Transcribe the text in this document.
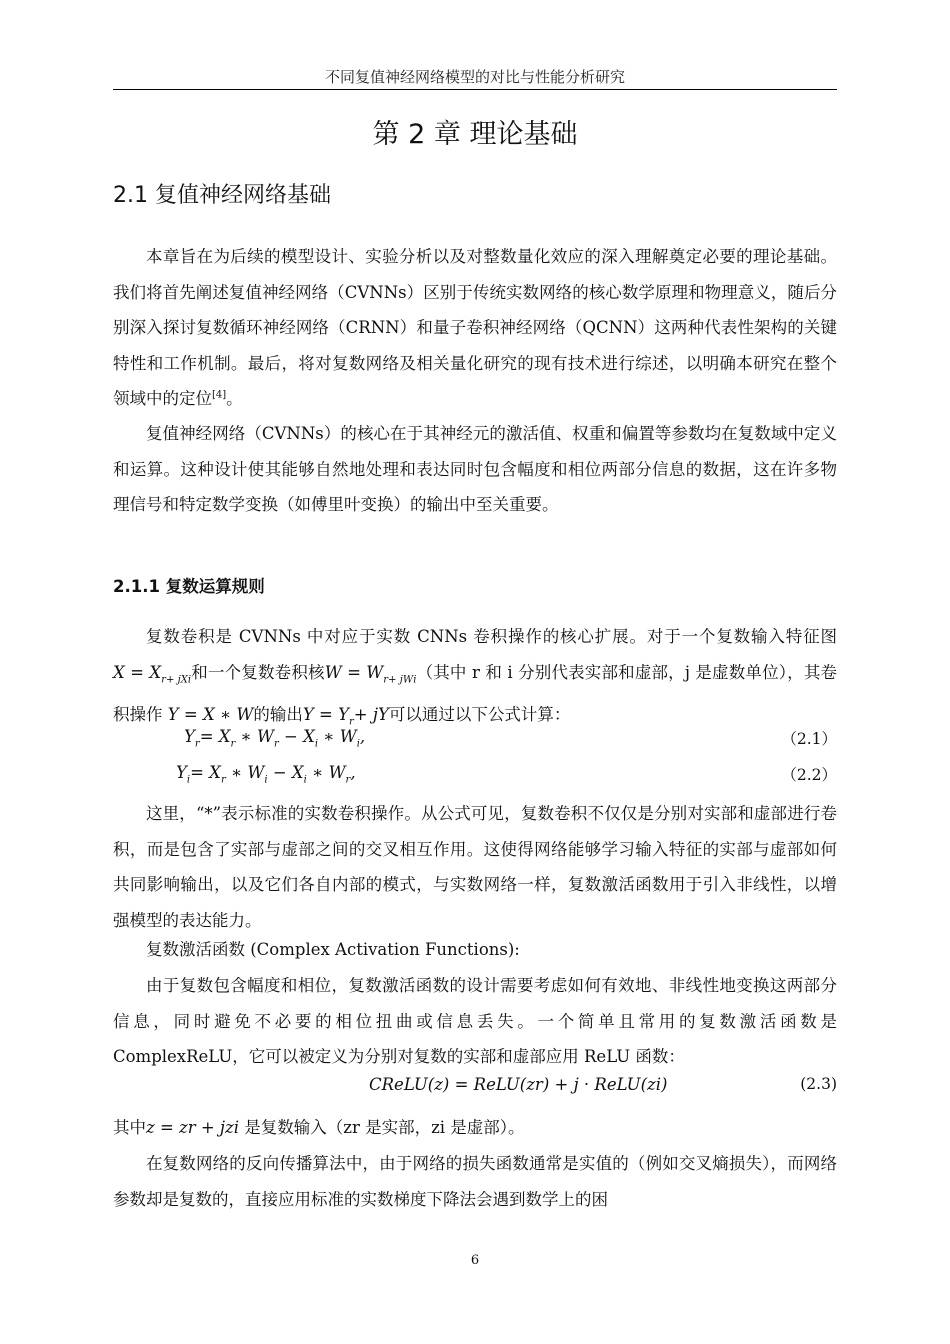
不同复值神经网络模型的对比与性能分析研究
第 2 章 理论基础
2.1 复值神经网络基础

本章旨在为后续的模型设计、实验分析以及对整数量化效应的深入理解奠定必要的理论基础。我们将首先阐述复值神经网络（CVNNs）区别于传统实数网络的核心数学原理和物理意义，随后分别深入探讨复数循环神经网络（CRNN）和量子卷积神经网络（QCNN）这两种代表性架构的关键特性和工作机制。最后，将对复数网络及相关量化研究的现有技术进行综述，以明确本研究在整个领域中的定位[4]。

复值神经网络（CVNNs）的核心在于其神经元的激活值、权重和偏置等参数均在复数域中定义和运算。这种设计使其能够自然地处理和表达同时包含幅度和相位两部分信息的数据，这在许多物理信号和特定数学变换（如傅里叶变换）的输出中至关重要。

2.1.1 复数运算规则

复数卷积是 CVNNs 中对应于实数 CNNs 卷积操作的核心扩展。对于一个复数输入特征图 $X = X_{r+ jXi}$和一个复数卷积核$W = W_{r+ jWi}$（其中 r 和 i 分别代表实部和虚部，j 是虚数单位），其卷积操作 Y = X ∗ W的输出$Y = Y_r+$ jY可以通过以下公式计算：

$Y_r= X_r$ ∗ $W_r - X_i$ ∗ $W_i$,	（2.1）
$Y_i= X_r$ ∗ $W_i - X_i$ ∗ $W_r$,	（2.2）

这里，“*”表示标准的实数卷积操作。从公式可见，复数卷积不仅仅是分别对实部和虚部进行卷积，而是包含了实部与虚部之间的交叉相互作用。这使得网络能够学习输入特征的实部与虚部如何共同影响输出，以及它们各自内部的模式，与实数网络一样，复数激活函数用于引入非线性，以增强模型的表达能力。

复数激活函数 (Complex Activation Functions):

由于复数包含幅度和相位，复数激活函数的设计需要考虑如何有效地、非线性地变换这两部分信息，同时避免不必要的相位扭曲或信息丢失。一个简单且常用的复数激活函数是 ComplexReLU，它可以被定义为分别对复数的实部和虚部应用 ReLU 函数：

CReLU(z) = ReLU(zr) + j · ReLU(zi)	(2.3)

其中z = zr + jzi 是复数输入（zr 是实部，zi 是虚部）。

在复数网络的反向传播算法中，由于网络的损失函数通常是实值的（例如交叉熵损失），而网络参数却是复数的，直接应用标准的实数梯度下降法会遇到数学上的困

6
